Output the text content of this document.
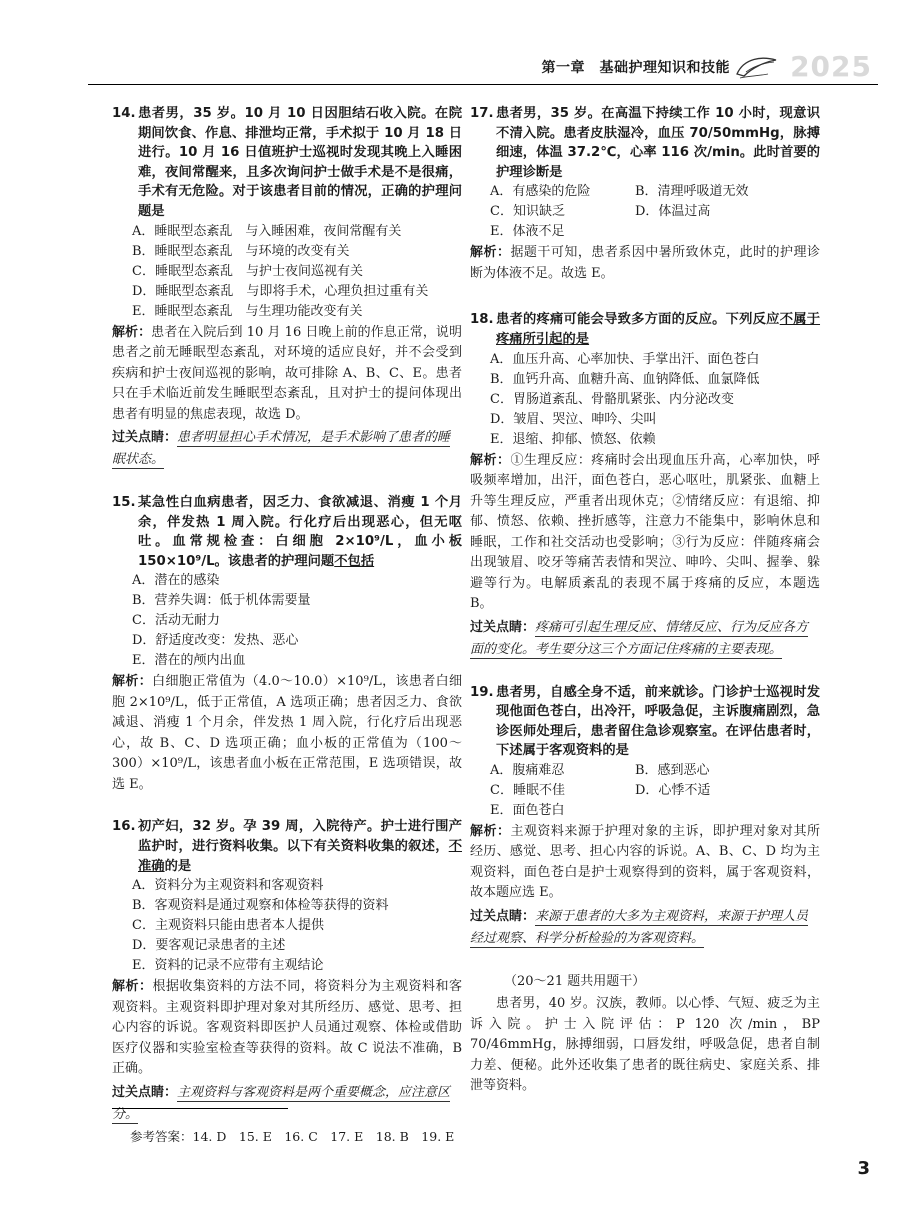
第一章　基础护理知识和技能 2025
14. 患者男，35 岁。10 月 10 日因胆结石收入院。在院期间饮食、作息、排泄均正常，手术拟于 10 月 18 日进行。10 月 16 日值班护士巡视时发现其晚上入睡困难，夜间常醒来，且多次询问护士做手术是不是很痛，手术有无危险。对于该患者目前的情况，正确的护理问题是
A．睡眠型态紊乱　与入睡困难，夜间常醒有关
B．睡眠型态紊乱　与环境的改变有关
C．睡眠型态紊乱　与护士夜间巡视有关
D．睡眠型态紊乱　与即将手术，心理负担过重有关
E．睡眠型态紊乱　与生理功能改变有关
解析：患者在入院后到 10 月 16 日晚上前的作息正常，说明患者之前无睡眠型态紊乱，对环境的适应良好，并不会受到疾病和护士夜间巡视的影响，故可排除 A、B、C、E。患者只在手术临近前发生睡眠型态紊乱，且对护士的提问体现出患者有明显的焦虑表现，故选 D。
过关点睛：患者明显担心手术情况，是手术影响了患者的睡眠状态。
15. 某急性白血病患者，因乏力、食欲减退、消瘦 1 个月余，伴发热 1 周入院。行化疗后出现恶心，但无呕吐。血常规检查：白细胞 2×10⁹/L，血小板 150×10⁹/L。该患者的护理问题不包括
A．潜在的感染
B．营养失调：低于机体需要量
C．活动无耐力
D．舒适度改变：发热、恶心
E．潜在的颅内出血
解析：白细胞正常值为（4.0～10.0）×10⁹/L，该患者白细胞 2×10⁹/L，低于正常值，A 选项正确；患者因乏力、食欲减退、消瘦 1 个月余，伴发热 1 周入院，行化疗后出现恶心，故 B、C、D 选项正确；血小板的正常值为（100～300）×10⁹/L，该患者血小板在正常范围，E 选项错误，故选 E。
16. 初产妇，32 岁。孕 39 周，入院待产。护士进行围产监护时，进行资料收集。以下有关资料收集的叙述，不准确的是
A．资料分为主观资料和客观资料
B．客观资料是通过观察和体检等获得的资料
C．主观资料只能由患者本人提供
D．要客观记录患者的主述
E．资料的记录不应带有主观结论
解析：根据收集资料的方法不同，将资料分为主观资料和客观资料。主观资料即护理对象对其所经历、感觉、思考、担心内容的诉说。客观资料即医护人员通过观察、体检或借助医疗仪器和实验室检查等获得的资料。故 C 说法不准确，B 正确。
过关点睛：主观资料与客观资料是两个重要概念，应注意区分。
17. 患者男，35 岁。在高温下持续工作 10 小时，现意识不清入院。患者皮肤湿冷，血压 70/50mmHg，脉搏细速，体温 37.2℃，心率 116 次/min。此时首要的护理诊断是
A．有感染的危险	B．清理呼吸道无效
C．知识缺乏	D．体温过高
E．体液不足
解析：据题干可知，患者系因中暑所致休克，此时的护理诊断为体液不足。故选 E。
18. 患者的疼痛可能会导致多方面的反应。下列反应不属于疼痛所引起的是
A．血压升高、心率加快、手掌出汗、面色苍白
B．血钙升高、血糖升高、血钠降低、血氯降低
C．胃肠道紊乱、骨骼肌紧张、内分泌改变
D．皱眉、哭泣、呻吟、尖叫
E．退缩、抑郁、愤怒、依赖
解析：①生理反应：疼痛时会出现血压升高，心率加快，呼吸频率增加，出汗，面色苍白，恶心呕吐，肌紧张、血糖上升等生理反应，严重者出现休克；②情绪反应：有退缩、抑郁、愤怒、依赖、挫折感等，注意力不能集中，影响休息和睡眠，工作和社交活动也受影响；③行为反应：伴随疼痛会出现皱眉、咬牙等痛苦表情和哭泣、呻吟、尖叫、握拳、躲避等行为。电解质紊乱的表现不属于疼痛的反应，本题选 B。
过关点睛：疼痛可引起生理反应、情绪反应、行为反应各方面的变化。考生要分这三个方面记住疼痛的主要表现。
19. 患者男，自感全身不适，前来就诊。门诊护士巡视时发现他面色苍白，出冷汗，呼吸急促，主诉腹痛剧烈，急诊医师处理后，患者留住急诊观察室。在评估患者时，下述属于客观资料的是
A．腹痛难忍	B．感到恶心
C．睡眠不佳	D．心悸不适
E．面色苍白
解析：主观资料来源于护理对象的主诉，即护理对象对其所经历、感觉、思考、担心内容的诉说。A、B、C、D 均为主观资料，面色苍白是护士观察得到的资料，属于客观资料，故本题应选 E。
过关点睛：来源于患者的大多为主观资料，来源于护理人员经过观察、科学分析检验的为客观资料。
（20～21 题共用题干）
患者男，40 岁。汉族，教师。以心悸、气短、疲乏为主诉入院。护士入院评估：P 120 次/min，BP 70/46mmHg，脉搏细弱，口唇发绀，呼吸急促，患者自制力差、便秘。此外还收集了患者的既往病史、家庭关系、排泄等资料。
参考答案：14. D　15. E　16. C　17. E　18. B　19. E
3
